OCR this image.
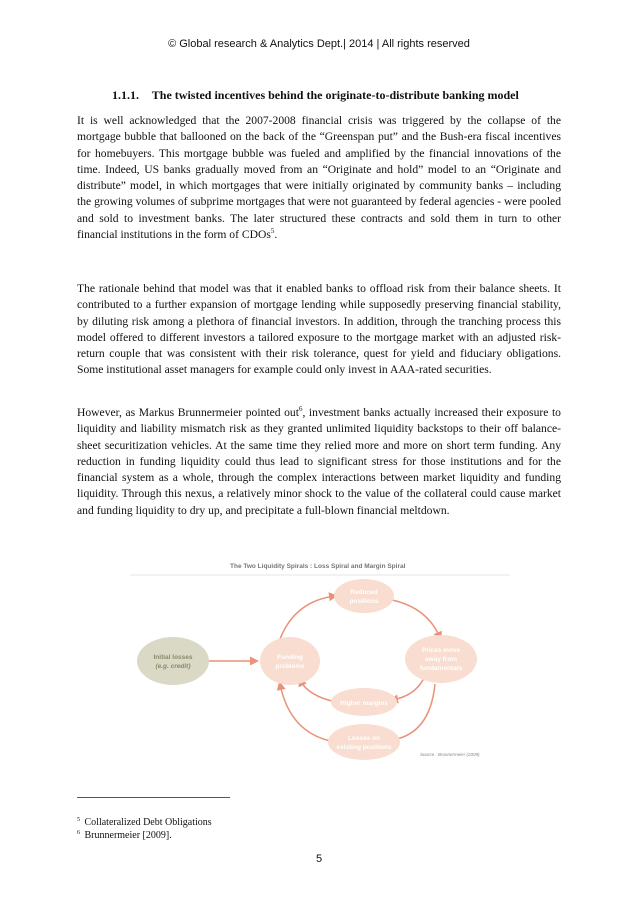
© Global research & Analytics Dept.| 2014 | All rights reserved
1.1.1. The twisted incentives behind the originate-to-distribute banking model

It is well acknowledged that the 2007-2008 financial crisis was triggered by the collapse of the mortgage bubble that ballooned on the back of the “Greenspan put” and the Bush-era fiscal incentives for homebuyers. This mortgage bubble was fueled and amplified by the financial innovations of the time. Indeed, US banks gradually moved from an “Originate and hold” model to an “Originate and distribute” model, in which mortgages that were initially originated by community banks – including the growing volumes of subprime mortgages that were not guaranteed by federal agencies - were pooled and sold to investment banks. The later structured these contracts and sold them in turn to other financial institutions in the form of CDOs$^5$.

The rationale behind that model was that it enabled banks to offload risk from their balance sheets. It contributed to a further expansion of mortgage lending while supposedly preserving financial stability, by diluting risk among a plethora of financial investors. In addition, through the tranching process this model offered to different investors a tailored exposure to the mortgage market with an adjusted risk-return couple that was consistent with their risk tolerance, quest for yield and fiduciary obligations. Some institutional asset managers for example could only invest in AAA-rated securities.

However, as Markus Brunnermeier pointed out$^6$, investment banks actually increased their exposure to liquidity and liability mismatch risk as they granted unlimited liquidity backstops to their off balance-sheet securitization vehicles. At the same time they relied more and more on short term funding. Any reduction in funding liquidity could thus lead to significant stress for those institutions and for the financial system as a whole, through the complex interactions between market liquidity and funding liquidity. Through this nexus, a relatively minor shock to the value of the collateral could cause market and funding liquidity to dry up, and precipitate a full-blown financial meltdown.

The Two Liquidity Spirals : Loss Spiral and Margin Spiral
Initial losses
(e.g. credit)
Funding
problems
Reduced
positions
Prices move
away from
fundamentals
Higher margins
Losses on
existing positions
Source : Brunnermeier (2009)
$^5$ Collateralized Debt Obligations
$^6$ Brunnermeier [2009].
5
